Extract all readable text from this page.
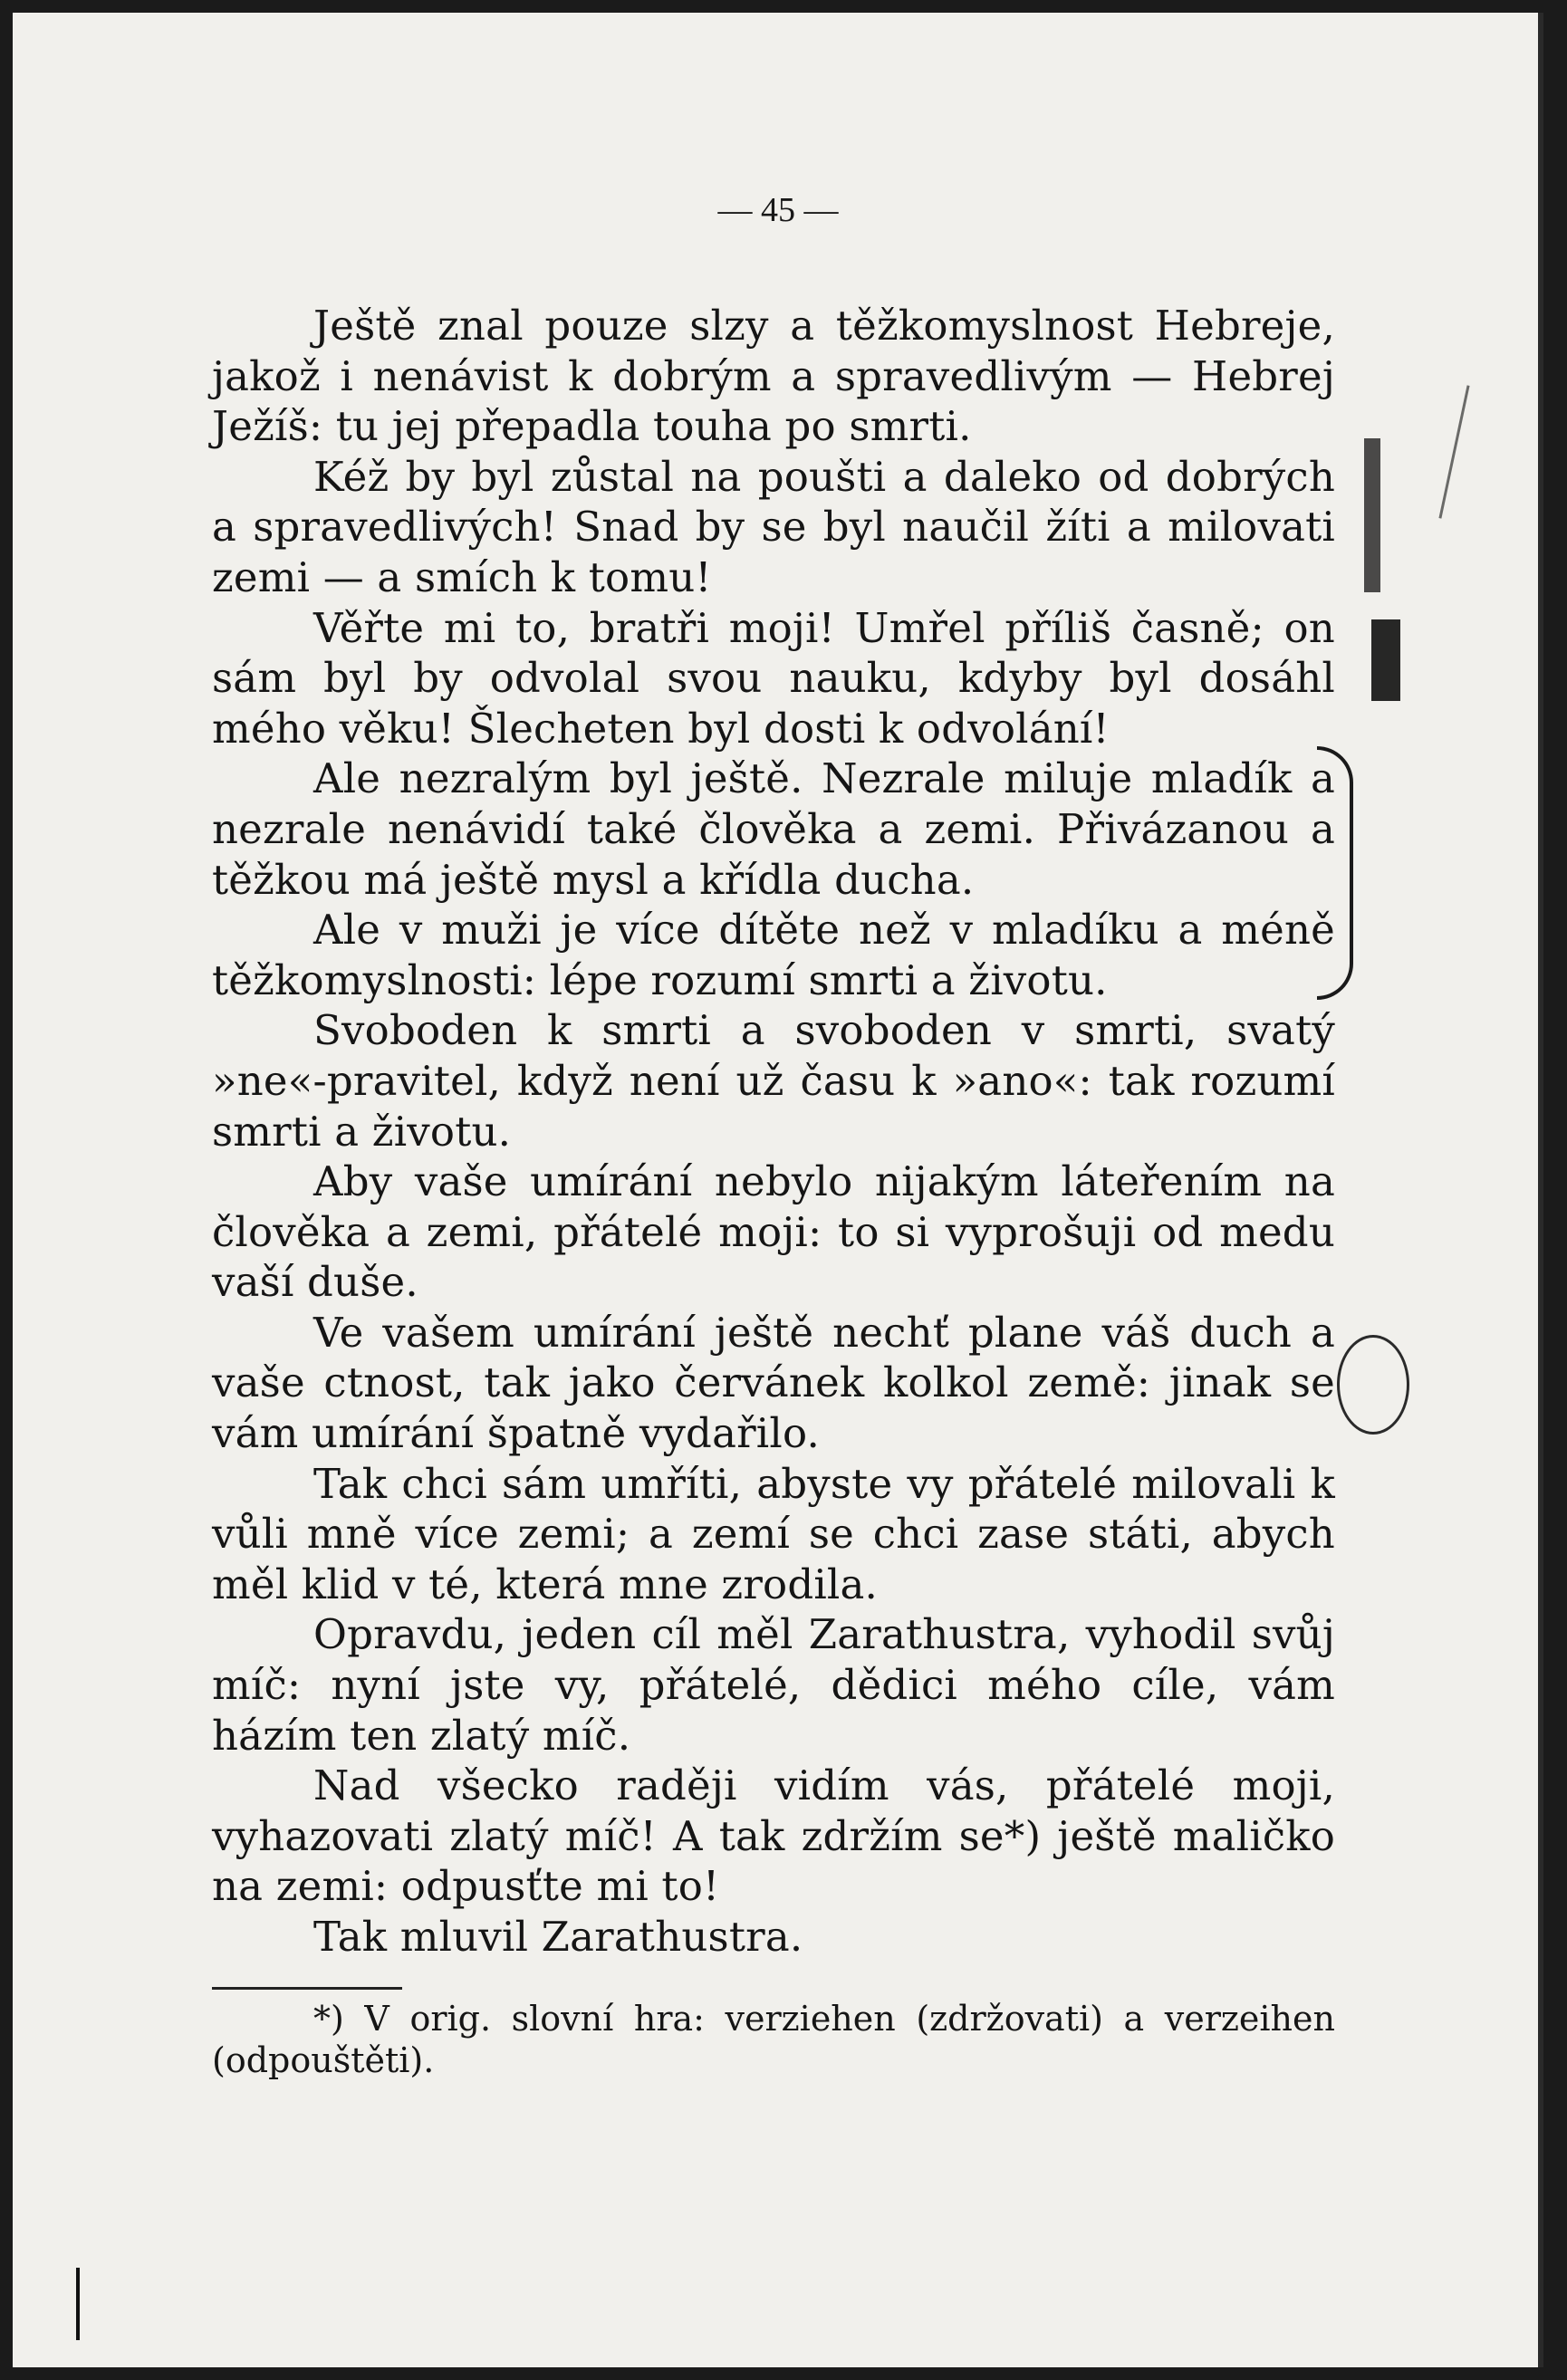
— 45 —

Ještě znal pouze slzy a těžkomyslnost Hebreje, jakož i nenávist k dobrým a spravedlivým — Hebrej Ježíš: tu jej přepadla touha po smrti.

Kéž by byl zůstal na poušti a daleko od dobrých a spravedlivých! Snad by se byl naučil žíti a milovati zemi — a smích k tomu!

Věřte mi to, bratři moji! Umřel příliš časně; on sám byl by odvolal svou nauku, kdyby byl dosáhl mého věku! Šlecheten byl dosti k odvolání!

Ale nezralým byl ještě. Nezrale miluje mladík a nezrale nenávidí také člověka a zemi. Přivázanou a těžkou má ještě mysl a křídla ducha.

Ale v muži je více dítěte než v mladíku a méně těžkomyslnosti: lépe rozumí smrti a životu.

Svoboden k smrti a svoboden v smrti, svatý »ne«-pravitel, když není už času k »ano«: tak rozumí smrti a životu.

Aby vaše umírání nebylo nijakým láteřením na člověka a zemi, přátelé moji: to si vyprošuji od medu vaší duše.

Ve vašem umírání ještě nechť plane váš duch a vaše ctnost, tak jako červánek kolkol země: jinak se vám umírání špatně vydařilo.

Tak chci sám umříti, abyste vy přátelé milovali k vůli mně více zemi; a zemí se chci zase státi, abych měl klid v té, která mne zrodila.

Opravdu, jeden cíl měl Zarathustra, vyhodil svůj míč: nyní jste vy, přátelé, dědici mého cíle, vám házím ten zlatý míč.

Nad všecko raději vidím vás, přátelé moji, vyhazovati zlatý míč! A tak zdržím se*) ještě maličko na zemi: odpusťte mi to!

Tak mluvil Zarathustra.

*) V orig. slovní hra: verziehen (zdržovati) a verzeihen (odpouštěti).
